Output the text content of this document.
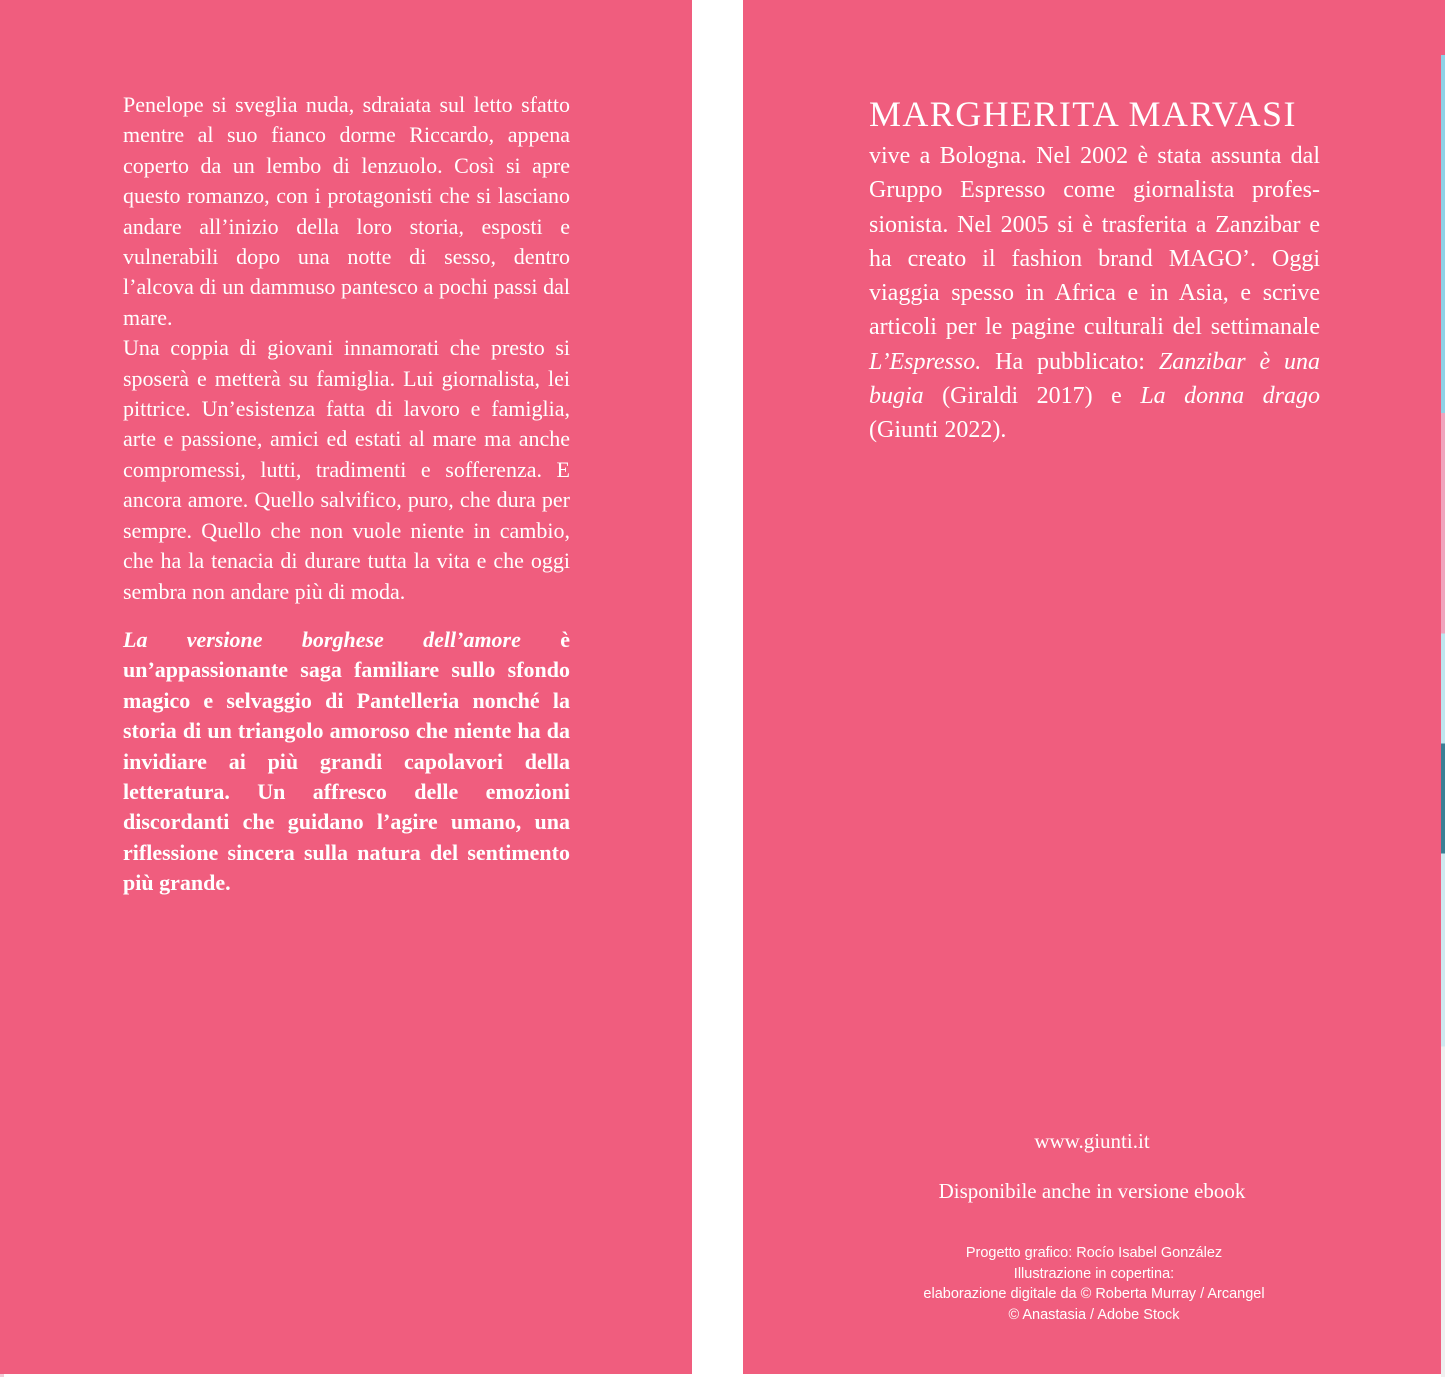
Penelope si sveglia nuda, sdraiata sul letto sfatto mentre al suo fianco dorme Riccardo, appena coperto da un lembo di lenzuolo. Così si apre questo romanzo, con i protagonisti che si lasciano andare all’inizio della loro storia, esposti e vulnerabili dopo una notte di sesso, dentro l’alcova di un dammuso pantesco a pochi passi dal mare.

Una coppia di giovani innamorati che presto si sposerà e metterà su famiglia. Lui giornalista, lei pittrice. Un’esistenza fatta di lavoro e famiglia, arte e passione, amici ed estati al mare ma anche compromessi, lutti, tradimenti e sofferenza. E ancora amore. Quello salvifico, puro, che dura per sempre. Quello che non vuole niente in cambio, che ha la tenacia di durare tutta la vita e che oggi sembra non andare più di moda.

La versione borghese dell’amore è un’appassionante saga familiare sullo sfondo magico e selvaggio di Pantelleria nonché la storia di un triangolo amoroso che niente ha da invidiare ai più grandi capolavori della letteratura. Un affresco delle emozioni discordanti che guidano l’agire umano, una riflessione sincera sulla natura del sentimento più grande.

MARGHERITA MARVASI

vive a Bologna. Nel 2002 è stata assunta dal Gruppo Espresso come giornalista professionista. Nel 2005 si è trasferita a Zanzibar e ha creato il fashion brand MAGO’. Oggi viaggia spesso in Africa e in Asia, e scrive articoli per le pagine culturali del settimanale L’Espresso. Ha pubblicato: Zanzibar è una bugia (Giraldi 2017) e La donna drago (Giunti 2022).

www.giunti.it
Disponibile anche in versione ebook
Progetto grafico: Rocío Isabel González
Illustrazione in copertina:
elaborazione digitale da © Roberta Murray / Arcangel
© Anastasia / Adobe Stock
